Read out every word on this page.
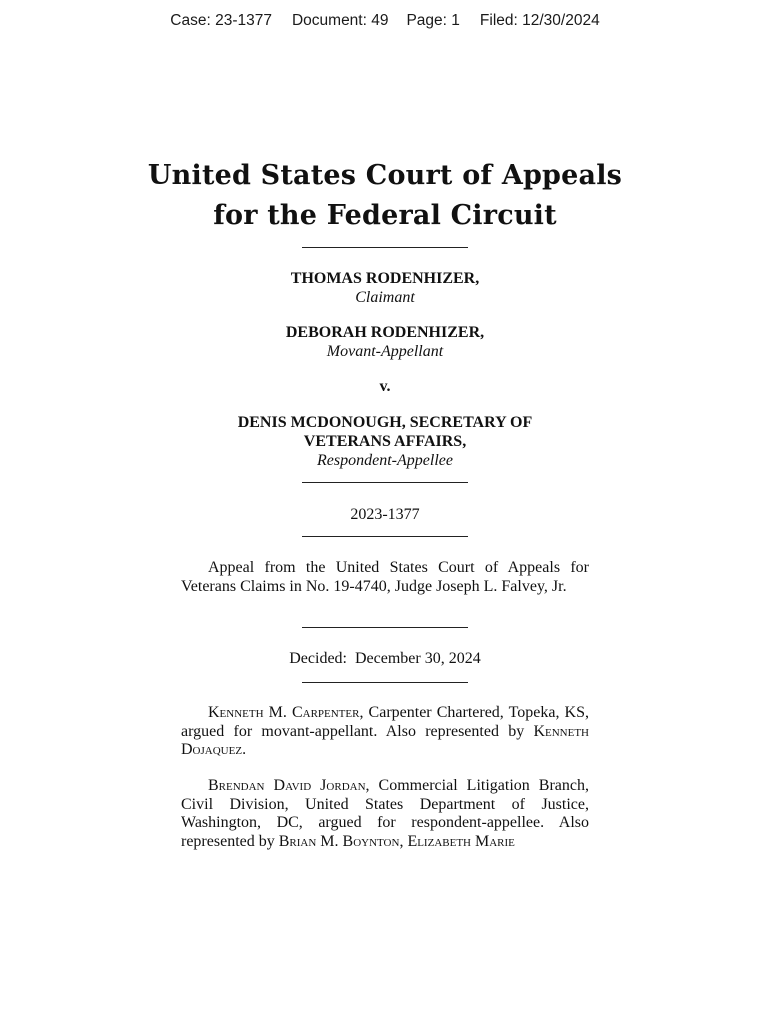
Case: 23-1377 Document: 49 Page: 1 Filed: 12/30/2024
United States Court of Appeals
for the Federal Circuit
THOMAS RODENHIZER,
Claimant
DEBORAH RODENHIZER,
Movant-Appellant
v.
DENIS MCDONOUGH, SECRETARY OF
VETERANS AFFAIRS,
Respondent-Appellee
2023-1377
Appeal from the United States Court of Appeals for Veterans Claims in No. 19-4740, Judge Joseph L. Falvey, Jr.
Decided:  December 30, 2024
Kenneth M. Carpenter, Carpenter Chartered, Topeka, KS, argued for movant-appellant. Also represented by Kenneth Dojaquez.
Brendan David Jordan, Commercial Litigation Branch, Civil Division, United States Department of Justice, Washington, DC, argued for respondent-appellee. Also represented by Brian M. Boynton, Elizabeth Marie
